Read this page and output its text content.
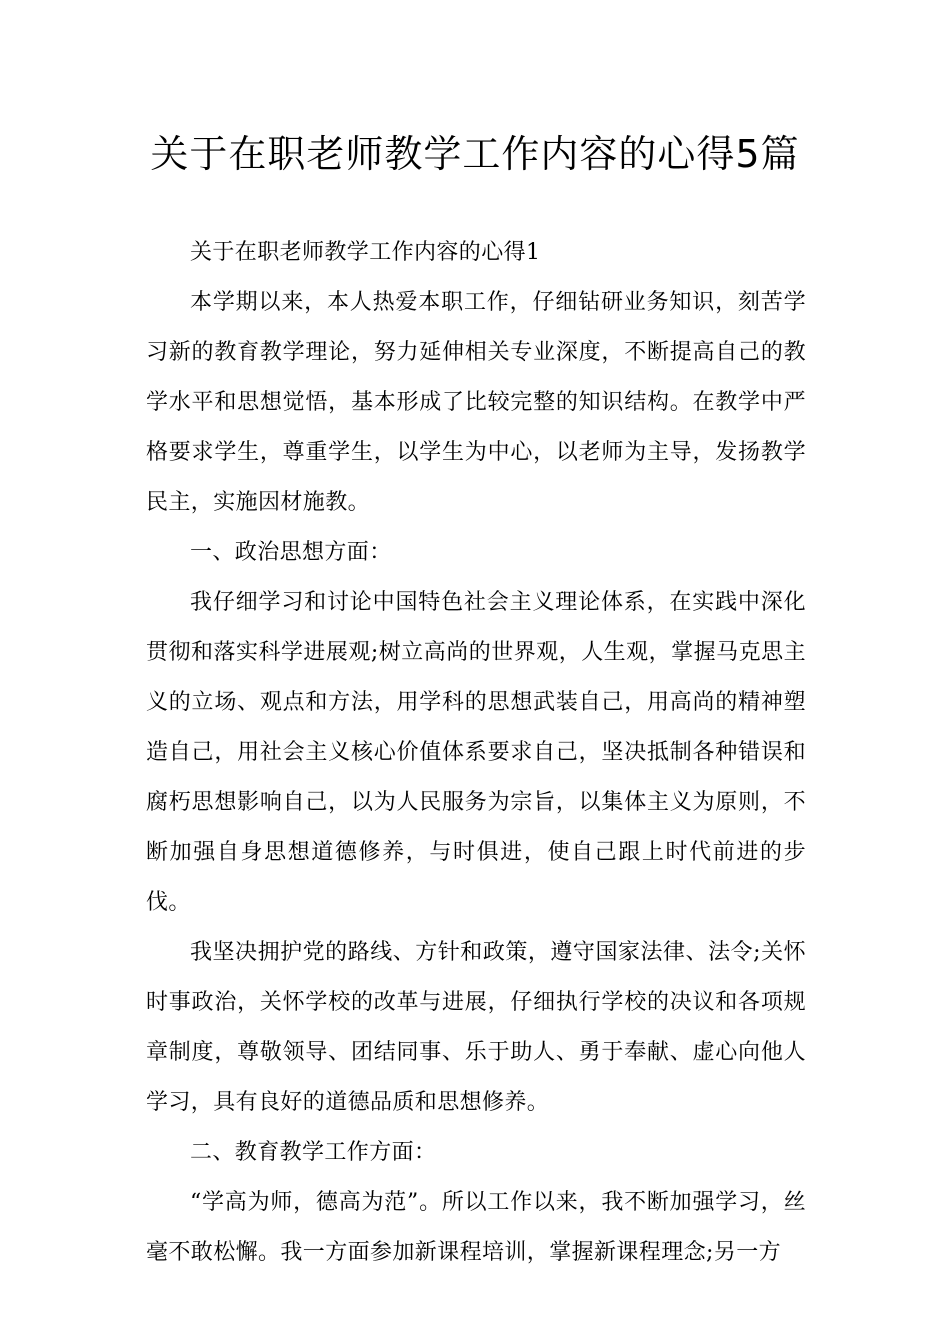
关于在职老师教学工作内容的心得5篇

关于在职老师教学工作内容的心得1

本学期以来，本人热爱本职工作，仔细钻研业务知识，刻苦学习新的教育教学理论，努力延伸相关专业深度，不断提高自己的教学水平和思想觉悟，基本形成了比较完整的知识结构。在教学中严格要求学生，尊重学生，以学生为中心，以老师为主导，发扬教学民主，实施因材施教。

一、政治思想方面：

我仔细学习和讨论中国特色社会主义理论体系，在实践中深化贯彻和落实科学进展观;树立高尚的世界观，人生观，掌握马克思主义的立场、观点和方法，用学科的思想武装自己，用高尚的精神塑造自己，用社会主义核心价值体系要求自己，坚决抵制各种错误和腐朽思想影响自己，以为人民服务为宗旨，以集体主义为原则，不断加强自身思想道德修养，与时俱进，使自己跟上时代前进的步伐。

我坚决拥护党的路线、方针和政策，遵守国家法律、法令;关怀时事政治，关怀学校的改革与进展，仔细执行学校的决议和各项规章制度，尊敬领导、团结同事、乐于助人、勇于奉献、虚心向他人学习，具有良好的道德品质和思想修养。

二、教育教学工作方面：

“学高为师，德高为范”。所以工作以来，我不断加强学习，丝毫不敢松懈。我一方面参加新课程培训，掌握新课程理念;另一方
